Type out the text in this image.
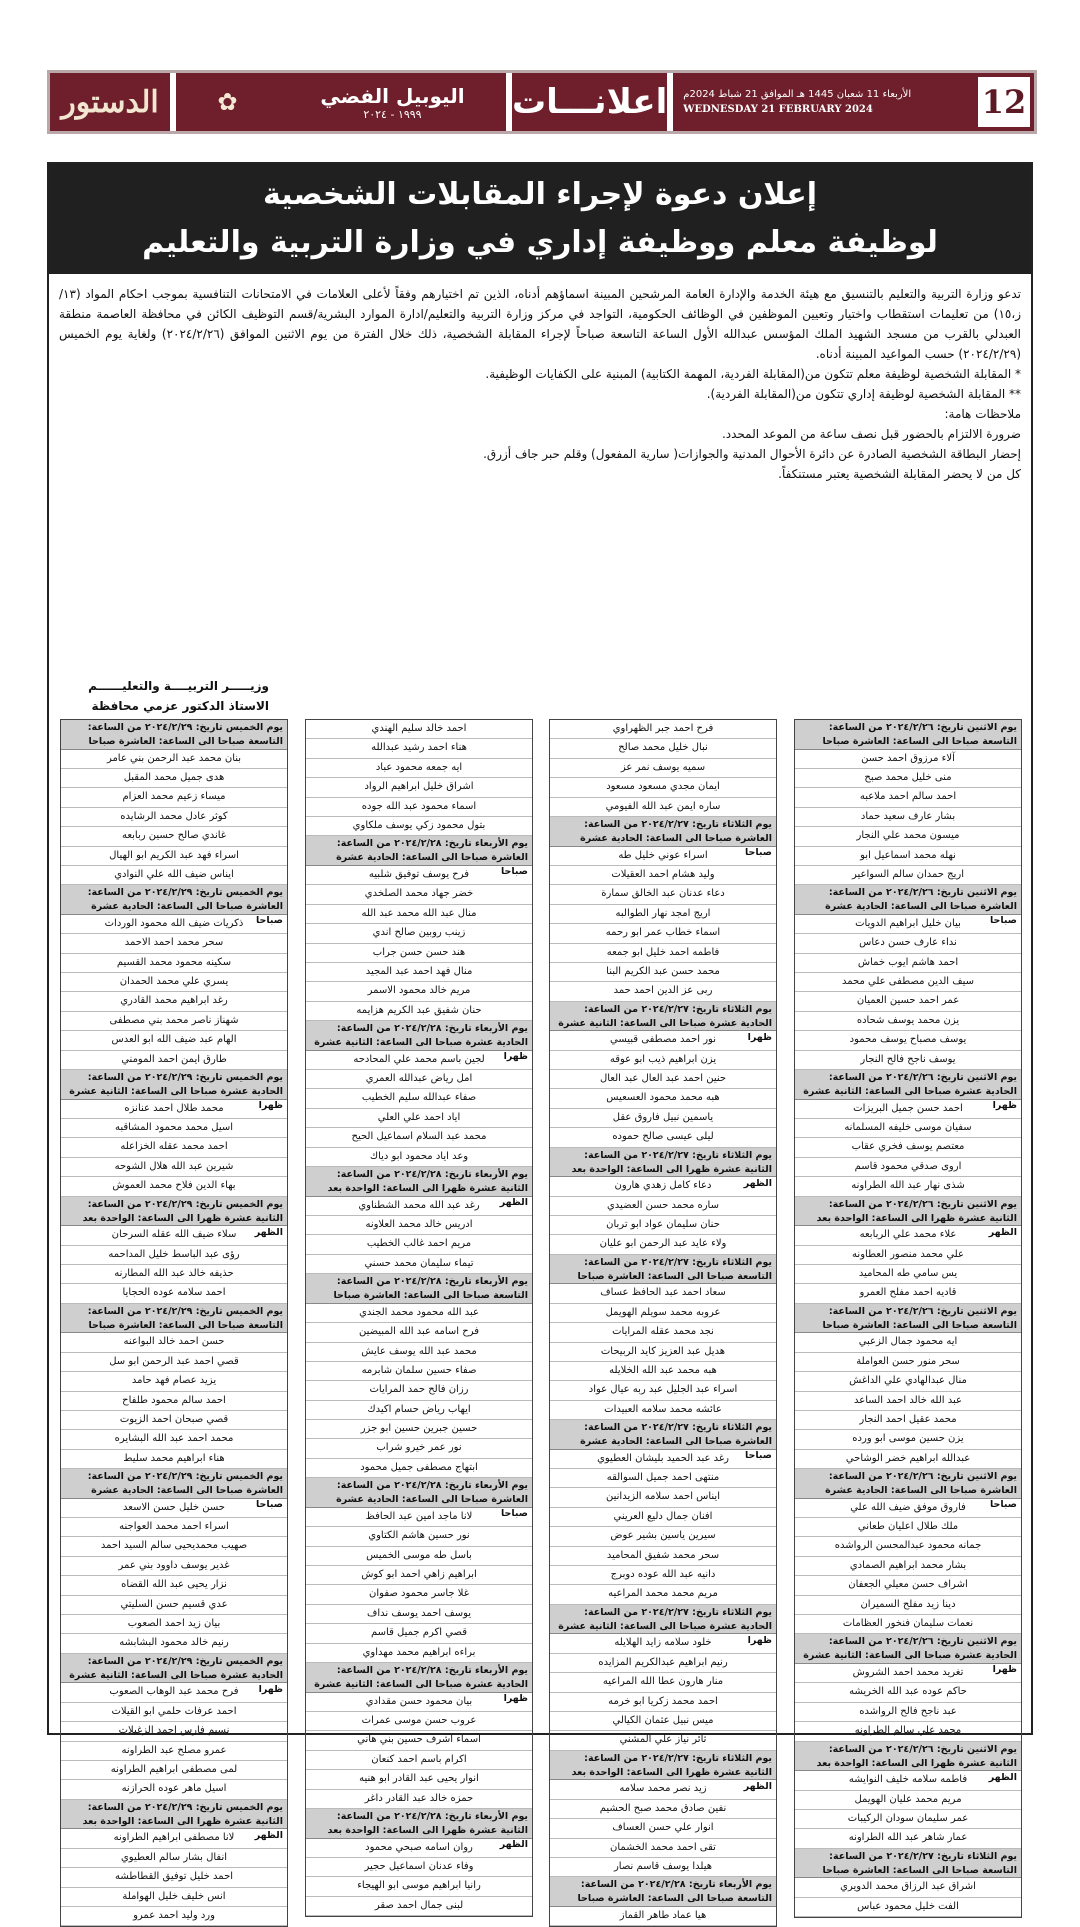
الدستور	اليوبيل الفضي
١٩٩٩ - ٢٠٢٤
✿	اعلانـــات الأربعاء 11 شعبان 1445 هـ الموافق 21 شباط 2024م
WEDNESDAY 21 FEBRUARY 2024	12
إعلان دعوة لإجراء المقابلات الشخصية
لوظيفة معلم ووظيفة إداري في وزارة التربية والتعليم

تدعو وزارة التربية والتعليم بالتنسيق مع هيئة الخدمة والإدارة العامة المرشحين المبينة اسماؤهم أدناه، الذين تم اختيارهم وفقاً لأعلى العلامات في الامتحانات التنافسية بموجب احكام المواد (١٣/ز،١٥) من تعليمات استقطاب واختيار وتعيين الموظفين في الوظائف الحكومية، التواجد في مركز وزارة التربية والتعليم/ادارة الموارد البشرية/قسم التوظيف الكائن في محافظة العاصمة منطقة العبدلي بالقرب من مسجد الشهيد الملك المؤسس عبدالله الأول الساعة التاسعة صباحاً لإجراء المقابلة الشخصية، ذلك خلال الفترة من يوم الاثنين الموافق (٢٠٢٤/٢/٢٦) ولغاية يوم الخميس (٢٠٢٤/٢/٢٩) حسب المواعيد المبينة أدناه.

* المقابلة الشخصية لوظيفة معلم تتكون من(المقابلة الفردية، المهمة الكتابية) المبنية على الكفايات الوظيفية.

** المقابلة الشخصية لوظيفة إداري تتكون من(المقابلة الفردية).

ملاحظات هامة:

ضرورة الالتزام بالحضور قبل نصف ساعة من الموعد المحدد.

إحضار البطاقة الشخصية الصادرة عن دائرة الأحوال المدنية والجوازات( سارية المفعول) وقلم حبر جاف أزرق.

كل من لا يحضر المقابلة الشخصية يعتبر مستنكفاً.

وزيـــــر التربيــــة والتعليــــــم
الاستاذ الدكتور عزمي محافظة
يوم الاثنين تاريخ: ٢٠٢٤/٢/٢٦ من الساعة: التاسعة صباحا الى الساعة: العاشرة صباحا
آلاء مرزوق احمد حسن
منى خليل محمد صبح
احمد سالم احمد ملاعبه
بشار عارف سعيد حماد
ميسون محمد علي النجار
نهله محمد اسماعيل ابو
اريج حمدان سالم السواعير
يوم الاثنين تاريخ: ٢٠٢٤/٢/٢٦ من الساعة: العاشرة صباحا الى الساعة: الحادية عشرة صباحا
بيان خليل ابراهيم الدويات
نداء عارف حسن دعاس
احمد هاشم ايوب خماش
سيف الدين مصطفى علي محمد
عمر احمد حسين العميان
يزن محمد يوسف شحاده
يوسف مصباح يوسف محمود
يوسف ناجح فالح النجار
يوم الاثنين تاريخ: ٢٠٢٤/٢/٢٦ من الساعة: الحادية عشرة صباحا الى الساعة: الثانية عشرة ظهرا
احمد حسن جميل البريزات
سفيان موسى خليفه المسلمانه
معتصم يوسف فخري عقاب
اروى صدقي محمود قاسم
شذى نهار عبد الله الطراونه
يوم الاثنين تاريخ: ٢٠٢٤/٢/٢٦ من الساعة: الثانية عشرة ظهرا الى الساعة: الواحدة بعد الظهر
علاء محمد علي الربابعه
علي محمد منصور العطاونه
يس سامي طه المحاميد
قاديه احمد مفلح العمرو
يوم الاثنين تاريخ: ٢٠٢٤/٢/٢٦ من الساعة: التاسعة صباحا الى الساعة: العاشرة صباحا
ايه محمود جمال الزعبي
سحر منور حسن العواملة
منال عبدالهادي علي الداغش
عبد الله خالد احمد الساعد
محمد عقيل احمد النجار
يزن حسين موسى ابو ورده
عبدالله ابراهيم خضر الوشاحي
يوم الاثنين تاريخ: ٢٠٢٤/٢/٢٦ من الساعة: العاشرة صباحا الى الساعة: الحادية عشرة صباحا
فاروق موفق ضيف الله علي
ملك طلال اعليان طعاني
جمانه محمود عبدالمحسن الرواشده
بشار محمد ابراهيم الصمادي
اشراف حسن معيلي الجعفان
دينا زيد مفلح السميران
نعمات سليمان فنخور العظامات
يوم الاثنين تاريخ: ٢٠٢٤/٢/٢٦ من الساعة: الحادية عشرة صباحا الى الساعة: الثانية عشرة ظهرا
تغريد محمد احمد الشروش
حاكم عوده عبد الله الخريشه
عبد ناجح فالح الرواشده
محمد علي سالم الطراونه
يوم الاثنين تاريخ: ٢٠٢٤/٢/٢٦ من الساعة: الثانية عشرة ظهرا الى الساعة: الواحدة بعد الظهر
فاطمه سلامه خليف النوايشه
مريم محمد عليان الهويمل
عمر سليمان سودان الركيبات
عمار شاهر عبد الله الطراونه
يوم الثلاثاء تاريخ: ٢٠٢٤/٢/٢٧ من الساعة: التاسعة صباحا الى الساعة: العاشرة صباحا
اشراق عبد الرزاق محمد الدويري
الفت خليل محمود عباس
فرح احمد جبر الظهراوي
نبال خليل محمد صالح
سميه يوسف نمر عز
ايمان مجدي مسعود مسعود
ساره ايمن عبد الله الفيومي
يوم الثلاثاء تاريخ: ٢٠٢٤/٢/٢٧ من الساعة: العاشرة صباحا الى الساعة: الحادية عشرة صباحا
اسراء عوني خليل طه
وليد هشام احمد العقيلات
دعاء عدنان عبد الخالق سمارة
اريج امجد نهار الطوالبه
اسماء خطاب عمر ابو رحمه
فاطمه احمد خليل ابو جمعه
محمد حسن عبد الكريم البنا
ربى عز الدين احمد حمد
يوم الثلاثاء تاريخ: ٢٠٢٤/٢/٢٧ من الساعة: الحادية عشرة صباحا الى الساعة: الثانية عشرة ظهرا
نور احمد مصطفى قبيسي
يزن ابراهيم ذيب ابو عوقه
حنين احمد عبد العال عبد العال
هبه محمد محمود العسعيس
ياسمين نبيل فاروق عقل
ليلى عيسى صالح حموده
يوم الثلاثاء تاريخ: ٢٠٢٤/٢/٢٧ من الساعة: الثانية عشرة ظهرا الى الساعة: الواحدة بعد الظهر
دعاء كامل زهدي هارون
ساره محمد حسن العضيدي
حنان سليمان عواد ابو تربان
ولاء عايد عبد الرحمن ابو عليان
يوم الثلاثاء تاريخ: ٢٠٢٤/٢/٢٧ من الساعة: التاسعة صباحا الى الساعة: العاشرة صباحا
سعاد احمد عبد الحافظ عساف
عروبه محمد سويلم الهويمل
نجد محمد عقله المرايات
هديل عبد العزيز كايد الربيحات
هبه محمد عبد الله الخلايله
اسراء عبد الجليل عبد ربه عيال عواد
عائشه محمد سلامه العبيدات
يوم الثلاثاء تاريخ: ٢٠٢٤/٢/٢٧ من الساعة: العاشرة صباحا الى الساعة: الحادية عشرة صباحا
رغد عبد الحميد بليشان العطيوي
منتهى احمد جميل السوالقه
ايناس احمد سلامه الزيدانين
افنان جمال دليع العريني
سيرين ياسين بشير عوض
سحر محمد شفيق المحاميد
دانيه عبد الله عوده دوبرج
مريم محمد محمد المراعيه
يوم الثلاثاء تاريخ: ٢٠٢٤/٢/٢٧ من الساعة: الحادية عشرة صباحا الى الساعة: الثانية عشرة ظهرا
خلود سلامه زايد الهلايله
رنيم ابراهيم عبدالكريم المزايده
منار هارون عطا الله المراعيه
احمد محمد زكريا ابو خرمه
ميس نبيل عثمان الكيالي
ثائر نياز علي المشني
يوم الثلاثاء تاريخ: ٢٠٢٤/٢/٢٧ من الساعة: الثانية عشرة ظهرا الى الساعة: الواحدة بعد الظهر
زيد نصر محمد سلامه
نفين صادق محمد صبح الحشيم
انوار علي حسن العساف
تقى احمد محمد الخشمان
هيلدا يوسف قاسم نصار
يوم الأربعاء تاريخ: ٢٠٢٤/٢/٢٨ من الساعة: التاسعة صباحا الى الساعة: العاشرة صباحا
هيا عماد طاهر القماز
احمد خالد سليم الهندي
هناء احمد رشيد عبدالله
ايه جمعه محمود عباد
اشراق خليل ابراهيم الرواد
اسماء محمود عبد الله جوده
بتول محمود زكي يوسف ملكاوي
يوم الأربعاء تاريخ: ٢٠٢٤/٢/٢٨ من الساعة: العاشرة صباحا الى الساعة: الحادية عشرة صباحا
فرح يوسف توفيق شلبيه
خضر جهاد محمد الصلخدي
منال عبد الله محمد عبد الله
زينب روبين صالح اندي
هند حسن حسن جراب
منال فهد احمد عبد المجيد
مريم خالد محمود الاسمر
حنان شفيق عبد الكريم هزايمه
يوم الأربعاء تاريخ: ٢٠٢٤/٢/٢٨ من الساعة: الحادية عشرة صباحا الى الساعة: الثانية عشرة ظهرا
لجين باسم محمد علي المحادحه
امل رياض عبدالله العمري
صفاء عبدالله سليم الخطيب
اياد احمد علي العلي
محمد عبد السلام اسماعيل الحيح
وعد اياد محمود ابو دياك
يوم الأربعاء تاريخ: ٢٠٢٤/٢/٢٨ من الساعة: الثانية عشرة ظهرا الى الساعة: الواحدة بعد الظهر
رغد عبد الله محمد الشطناوي
ادريس خالد محمد العلاونه
مريم احمد غالب الخطيب
تيماء سليمان محمد حسني
يوم الأربعاء تاريخ: ٢٠٢٤/٢/٢٨ من الساعة: التاسعة صباحا الى الساعة: العاشرة صباحا
عبد الله محمود محمد الجندي
فرح اسامه عبد الله المبيضين
محمد عبد الله يوسف عايش
صفاء حسين سلمان شابرمه
رزان فالح حمد المرايات
ايهاب رياض حسام اكيدك
حسين جبرين حسين ابو جزر
نور عمر خيرو شراب
ابتهاج مصطفى جميل محمود
يوم الأربعاء تاريخ: ٢٠٢٤/٢/٢٨ من الساعة: العاشرة صباحا الى الساعة: الحادية عشرة صباحا
لانا ماجد امين عبد الحافظ
نور حسين هاشم الكتاوي
باسل طه موسى الخميس
ابراهيم زاهي احمد ابو كوش
غلا جاسر محمود صفوان
يوسف احمد يوسف نداف
قصي اكرم جميل قاسم
براءه ابراهيم محمد مهداوي
يوم الأربعاء تاريخ: ٢٠٢٤/٢/٢٨ من الساعة: الحادية عشرة صباحا الى الساعة: الثانية عشرة ظهرا
بيان محمود حسن مقدادي
عروب حسن موسى عمرات
اسماء اشرف حسين بني هاني
اكرام باسم احمد كنعان
انوار يحيى عبد القادر ابو هنيه
حمزه خالد عبد القادر داغر
يوم الأربعاء تاريخ: ٢٠٢٤/٢/٢٨ من الساعة: الثانية عشرة ظهرا الى الساعة: الواحدة بعد الظهر
روان اسامه صبحي محمود
وفاء عدنان اسماعيل حجير
رانيا ابراهيم موسى ابو الهيجاء
لبنى جمال احمد صقر
يوم الخميس تاريخ: ٢٠٢٤/٢/٢٩ من الساعة: التاسعة صباحا الى الساعة: العاشرة صباحا
بنان محمد عبد الرحمن بني عامر
هدى جميل محمد المقبل
ميساء زعيم محمد العزام
كوثر عادل محمد الرشايده
غاندي صالح حسين ربابعه
اسراء فهد عبد الكريم ابو الهيال
ايناس ضيف الله علي النوادي
يوم الخميس تاريخ: ٢٠٢٤/٢/٢٩ من الساعة: العاشرة صباحا الى الساعة: الحادية عشرة صباحا
ذكريات ضيف الله محمود الوردات
سحر محمد احمد الاحمد
سكينه محمود محمد القسيم
يسري علي محمد الحمدان
رغد ابراهيم محمد القادري
شهناز ناصر محمد بني مصطفى
الهام عبد ضيف الله ابو العدس
طارق ايمن احمد المومني
يوم الخميس تاريخ: ٢٠٢٤/٢/٢٩ من الساعة: الحادية عشرة صباحا الى الساعة: الثانية عشرة ظهرا
محمد طلال احمد عنانزه
اسيل محمد محمود المشاقبه
احمد محمد عقله الخزاعله
شيرين عبد الله هلال الشوحه
بهاء الدين فلاح محمد العموش
يوم الخميس تاريخ: ٢٠٢٤/٢/٢٩ من الساعة: الثانية عشرة ظهرا الى الساعة: الواحدة بعد الظهر
سلاء ضيف الله عقله السرحان
رؤى عبد الباسط خليل المداحمه
حذيفه خالد عبد الله المطارنه
احمد سلامه عوده الحجايا
يوم الخميس تاريخ: ٢٠٢٤/٢/٢٩ من الساعة: التاسعة صباحا الى الساعة: العاشرة صباحا
حسن احمد خالد البواعنه
قصي احمد عبد الرحمن ابو سل
يزيد عصام فهد حامد
احمد سالم محمود طلفاح
قصي صبحان احمد الزيوت
محمد احمد عبد الله البشايره
هناء ابراهيم محمد سليط
يوم الخميس تاريخ: ٢٠٢٤/٢/٢٩ من الساعة: العاشرة صباحا الى الساعة: الحادية عشرة صباحا
حسن خليل حسن الاسعد
اسراء احمد محمد العواجنه
صهيب محمديحيى سالم السيد احمد
غدير يوسف داوود بني عمر
نزار يحيى عبد الله القضاه
عدي قسيم حسن السليتي
بيان زيد احمد الصعوب
رنيم خالد محمود البشابشه
يوم الخميس تاريخ: ٢٠٢٤/٢/٢٩ من الساعة: الحادية عشرة صباحا الى الساعة: الثانية عشرة ظهرا
فرح محمد عبد الوهاب الصعوب
احمد عرفات حلمي ابو القيلات
نسيم فارس احمد الزغيلات
عمرو مصلح عبد الطراونه
لمى مصطفى ابراهيم الطراونه
اسيل ماهر عوده الحرازنه
يوم الخميس تاريخ: ٢٠٢٤/٢/٢٩ من الساعة: الثانية عشرة ظهرا الى الساعة: الواحدة بعد الظهر
لانا مصطفى ابراهيم الطراونه
انفال بشار سالم العطيوي
احمد خليل توفيق القطاطشه
انس خليف خليل الهواملة
ورد وليد احمد عمرو
